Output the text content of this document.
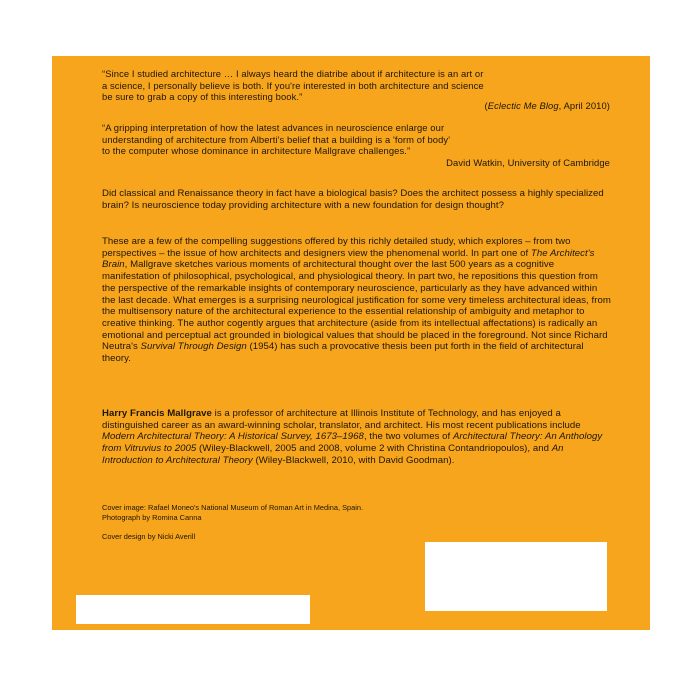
“Since I studied architecture … I always heard the diatribe about if architecture is an art or

a science, I personally believe is both. If you're interested in both architecture and science

be sure to grab a copy of this interesting book.”

(Eclectic Me Blog, April 2010)

“A gripping interpretation of how the latest advances in neuroscience enlarge our

understanding of architecture from Alberti's belief that a building is a 'form of body'

to the computer whose dominance in architecture Mallgrave challenges.”

David Watkin, University of Cambridge

Did classical and Renaissance theory in fact have a biological basis? Does the architect possess a highly specialized brain? Is neuroscience today providing architecture with a new foundation for design thought?

These are a few of the compelling suggestions offered by this richly detailed study, which explores – from two perspectives – the issue of how architects and designers view the phenomenal world. In part one of The Architect's Brain, Mallgrave sketches various moments of architectural thought over the last 500 years as a cognitive manifestation of philosophical, psychological, and physiological theory. In part two, he repositions this question from the perspective of the remarkable insights of contemporary neuroscience, particularly as they have advanced within the last decade. What emerges is a surprising neurological justification for some very timeless architectural ideas, from the multisensory nature of the architectural experience to the essential relationship of ambiguity and metaphor to creative thinking. The author cogently argues that architecture (aside from its intellectual affectations) is radically an emotional and perceptual act grounded in biological values that should be placed in the foreground. Not since Richard Neutra's Survival Through Design (1954) has such a provocative thesis been put forth in the field of architectural theory.

Harry Francis Mallgrave is a professor of architecture at Illinois Institute of Technology, and has enjoyed a distinguished career as an award-winning scholar, translator, and architect. His most recent publications include Modern Architectural Theory: A Historical Survey, 1673–1968, the two volumes of Architectural Theory: An Anthology from Vitruvius to 2005 (Wiley-Blackwell, 2005 and 2008, volume 2 with Christina Contandriopoulos), and An Introduction to Architectural Theory (Wiley-Blackwell, 2010, with David Goodman).

Cover image: Rafael Moneo's National Museum of Roman Art in Medina, Spain.

Photograph by Romina Canna

Cover design by Nicki Averill
